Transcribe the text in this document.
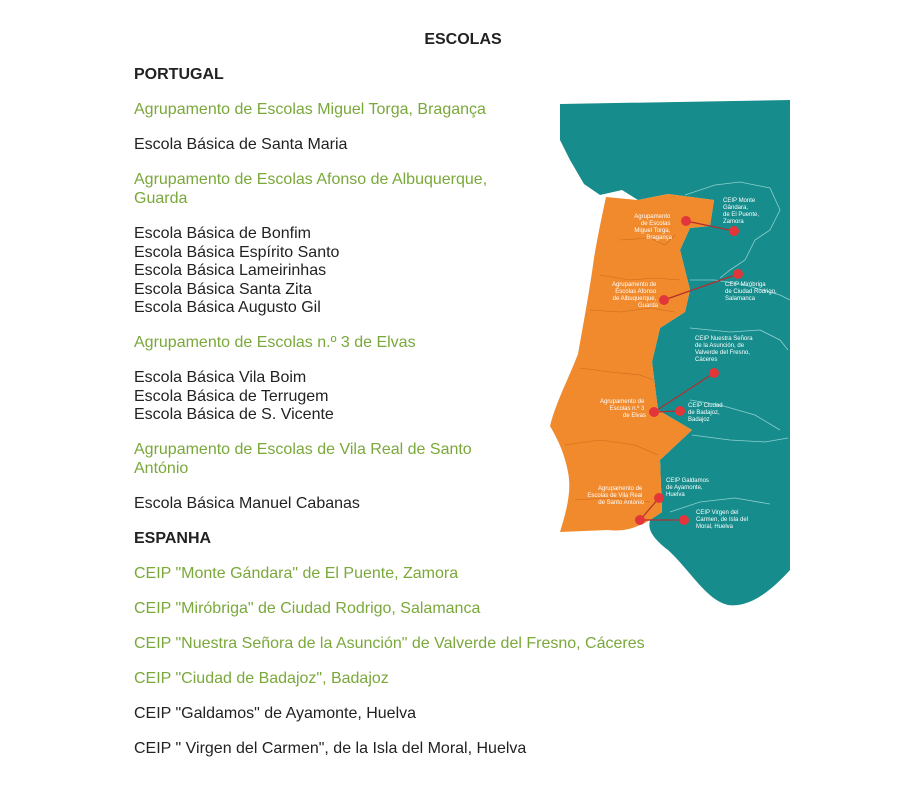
ESCOLAS
PORTUGAL
Agrupamento de Escolas Miguel Torga, Bragança
Escola Básica de Santa Maria
Agrupamento de Escolas Afonso de Albuquerque,
Guarda
Escola Básica de Bonfim
Escola Básica Espírito Santo
Escola Básica Lameirinhas
Escola Básica Santa Zita
Escola Básica Augusto Gil
Agrupamento de Escolas n.º 3 de Elvas
Escola Básica Vila Boim
Escola Básica de Terrugem
Escola Básica de S. Vicente
Agrupamento de Escolas de Vila Real de Santo
António
Escola Básica Manuel Cabanas
ESPANHA
CEIP "Monte Gándara" de El Puente, Zamora
CEIP "Miróbriga" de Ciudad Rodrigo, Salamanca
CEIP "Nuestra Señora de la Asunción" de Valverde del Fresno, Cáceres
CEIP "Ciudad de Badajoz", Badajoz
CEIP "Galdamos" de Ayamonte, Huelva
CEIP " Virgen del Carmen", de la Isla del Moral, Huelva
Agrupamento de Escolas Miguel Torga, Bragança
Agrupamento de Escolas Afonso de Albuquerque, Guarda
Agrupamento de Escolas n.º 3 de Elvas
Agrupamento de Escolas de Vila Real de Santo António
CEIP Monte Gândara, de El Puente, Zamora
CEIP Miróbriga de Ciudad Rodrigo, Salamanca
CEIP Nuestra Señora de la Asunción, de Valverde del Fresno, Cáceres
CEIP Ciudad de Badajoz, Badajoz
CEIP Galdamos de Ayamonte, Huelva
CEIP Virgen del Carmen, de Isla del Moral, Huelva
